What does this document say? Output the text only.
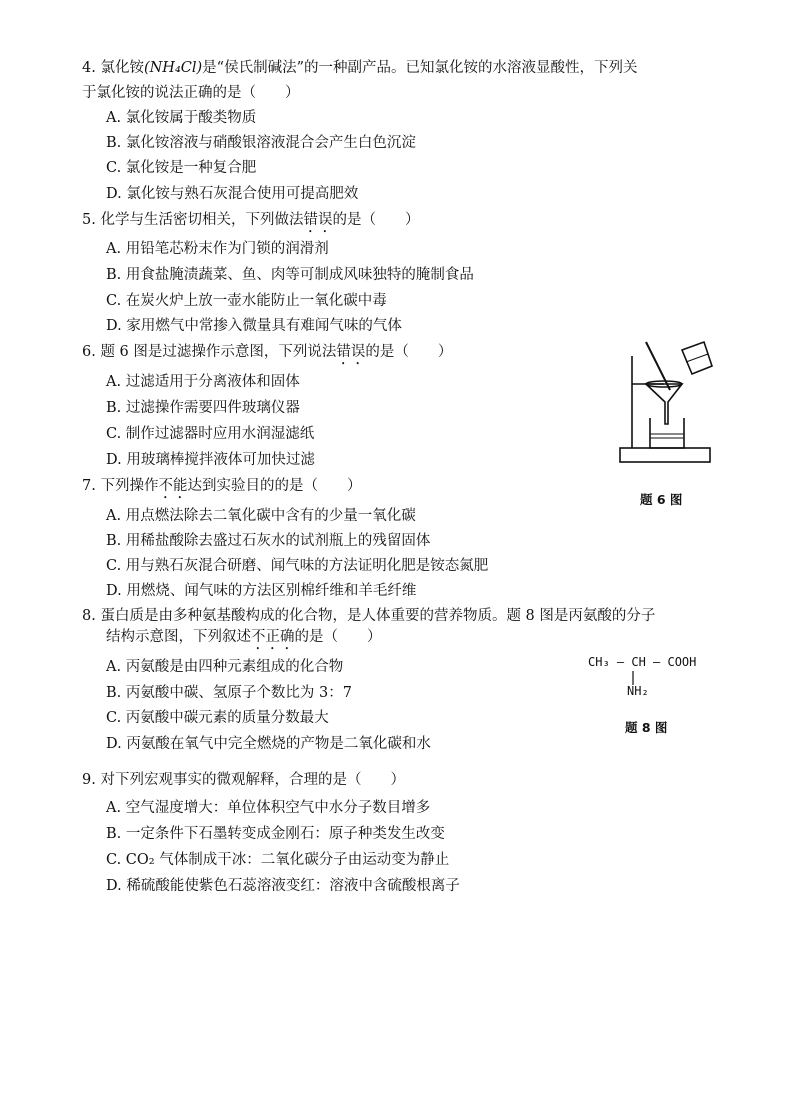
4. 氯化铵(NH₄Cl)是“侯氏制碱法”的一种副产品。已知氯化铵的水溶液显酸性，下列关
于氯化铵的说法正确的是（　　）
A. 氯化铵属于酸类物质
B. 氯化铵溶液与硝酸银溶液混合会产生白色沉淀
C. 氯化铵是一种复合肥
D. 氯化铵与熟石灰混合使用可提高肥效
5. 化学与生活密切相关，下列做法错误的是（　　）
A. 用铅笔芯粉末作为门锁的润滑剂
B. 用食盐腌渍蔬菜、鱼、肉等可制成风味独特的腌制食品
C. 在炭火炉上放一壶水能防止一氧化碳中毒
D. 家用燃气中常掺入微量具有难闻气味的气体
6. 题 6 图是过滤操作示意图，下列说法错误的是（　　）
A. 过滤适用于分离液体和固体
B. 过滤操作需要四件玻璃仪器
C. 制作过滤器时应用水润湿滤纸
D. 用玻璃棒搅拌液体可加快过滤
题 6 图
7. 下列操作不能达到实验目的的是（　　）
A. 用点燃法除去二氧化碳中含有的少量一氧化碳
B. 用稀盐酸除去盛过石灰水的试剂瓶上的残留固体
C. 用与熟石灰混合研磨、闻气味的方法证明化肥是铵态氮肥
D. 用燃烧、闻气味的方法区别棉纤维和羊毛纤维
8. 蛋白质是由多种氨基酸构成的化合物，是人体重要的营养物质。题 8 图是丙氨酸的分子
结构示意图，下列叙述不正确的是（　　）
A. 丙氨酸是由四种元素组成的化合物
B. 丙氨酸中碳、氢原子个数比为 3：7
C. 丙氨酸中碳元素的质量分数最大
D. 丙氨酸在氧气中完全燃烧的产物是二氧化碳和水
CH₃ — CH — COOH
NH₂
题 8 图
9. 对下列宏观事实的微观解释，合理的是（　　）
A. 空气湿度增大：单位体积空气中水分子数目增多
B. 一定条件下石墨转变成金刚石：原子种类发生改变
C. CO₂ 气体制成干冰：二氧化碳分子由运动变为静止
D. 稀硫酸能使紫色石蕊溶液变红：溶液中含硫酸根离子
